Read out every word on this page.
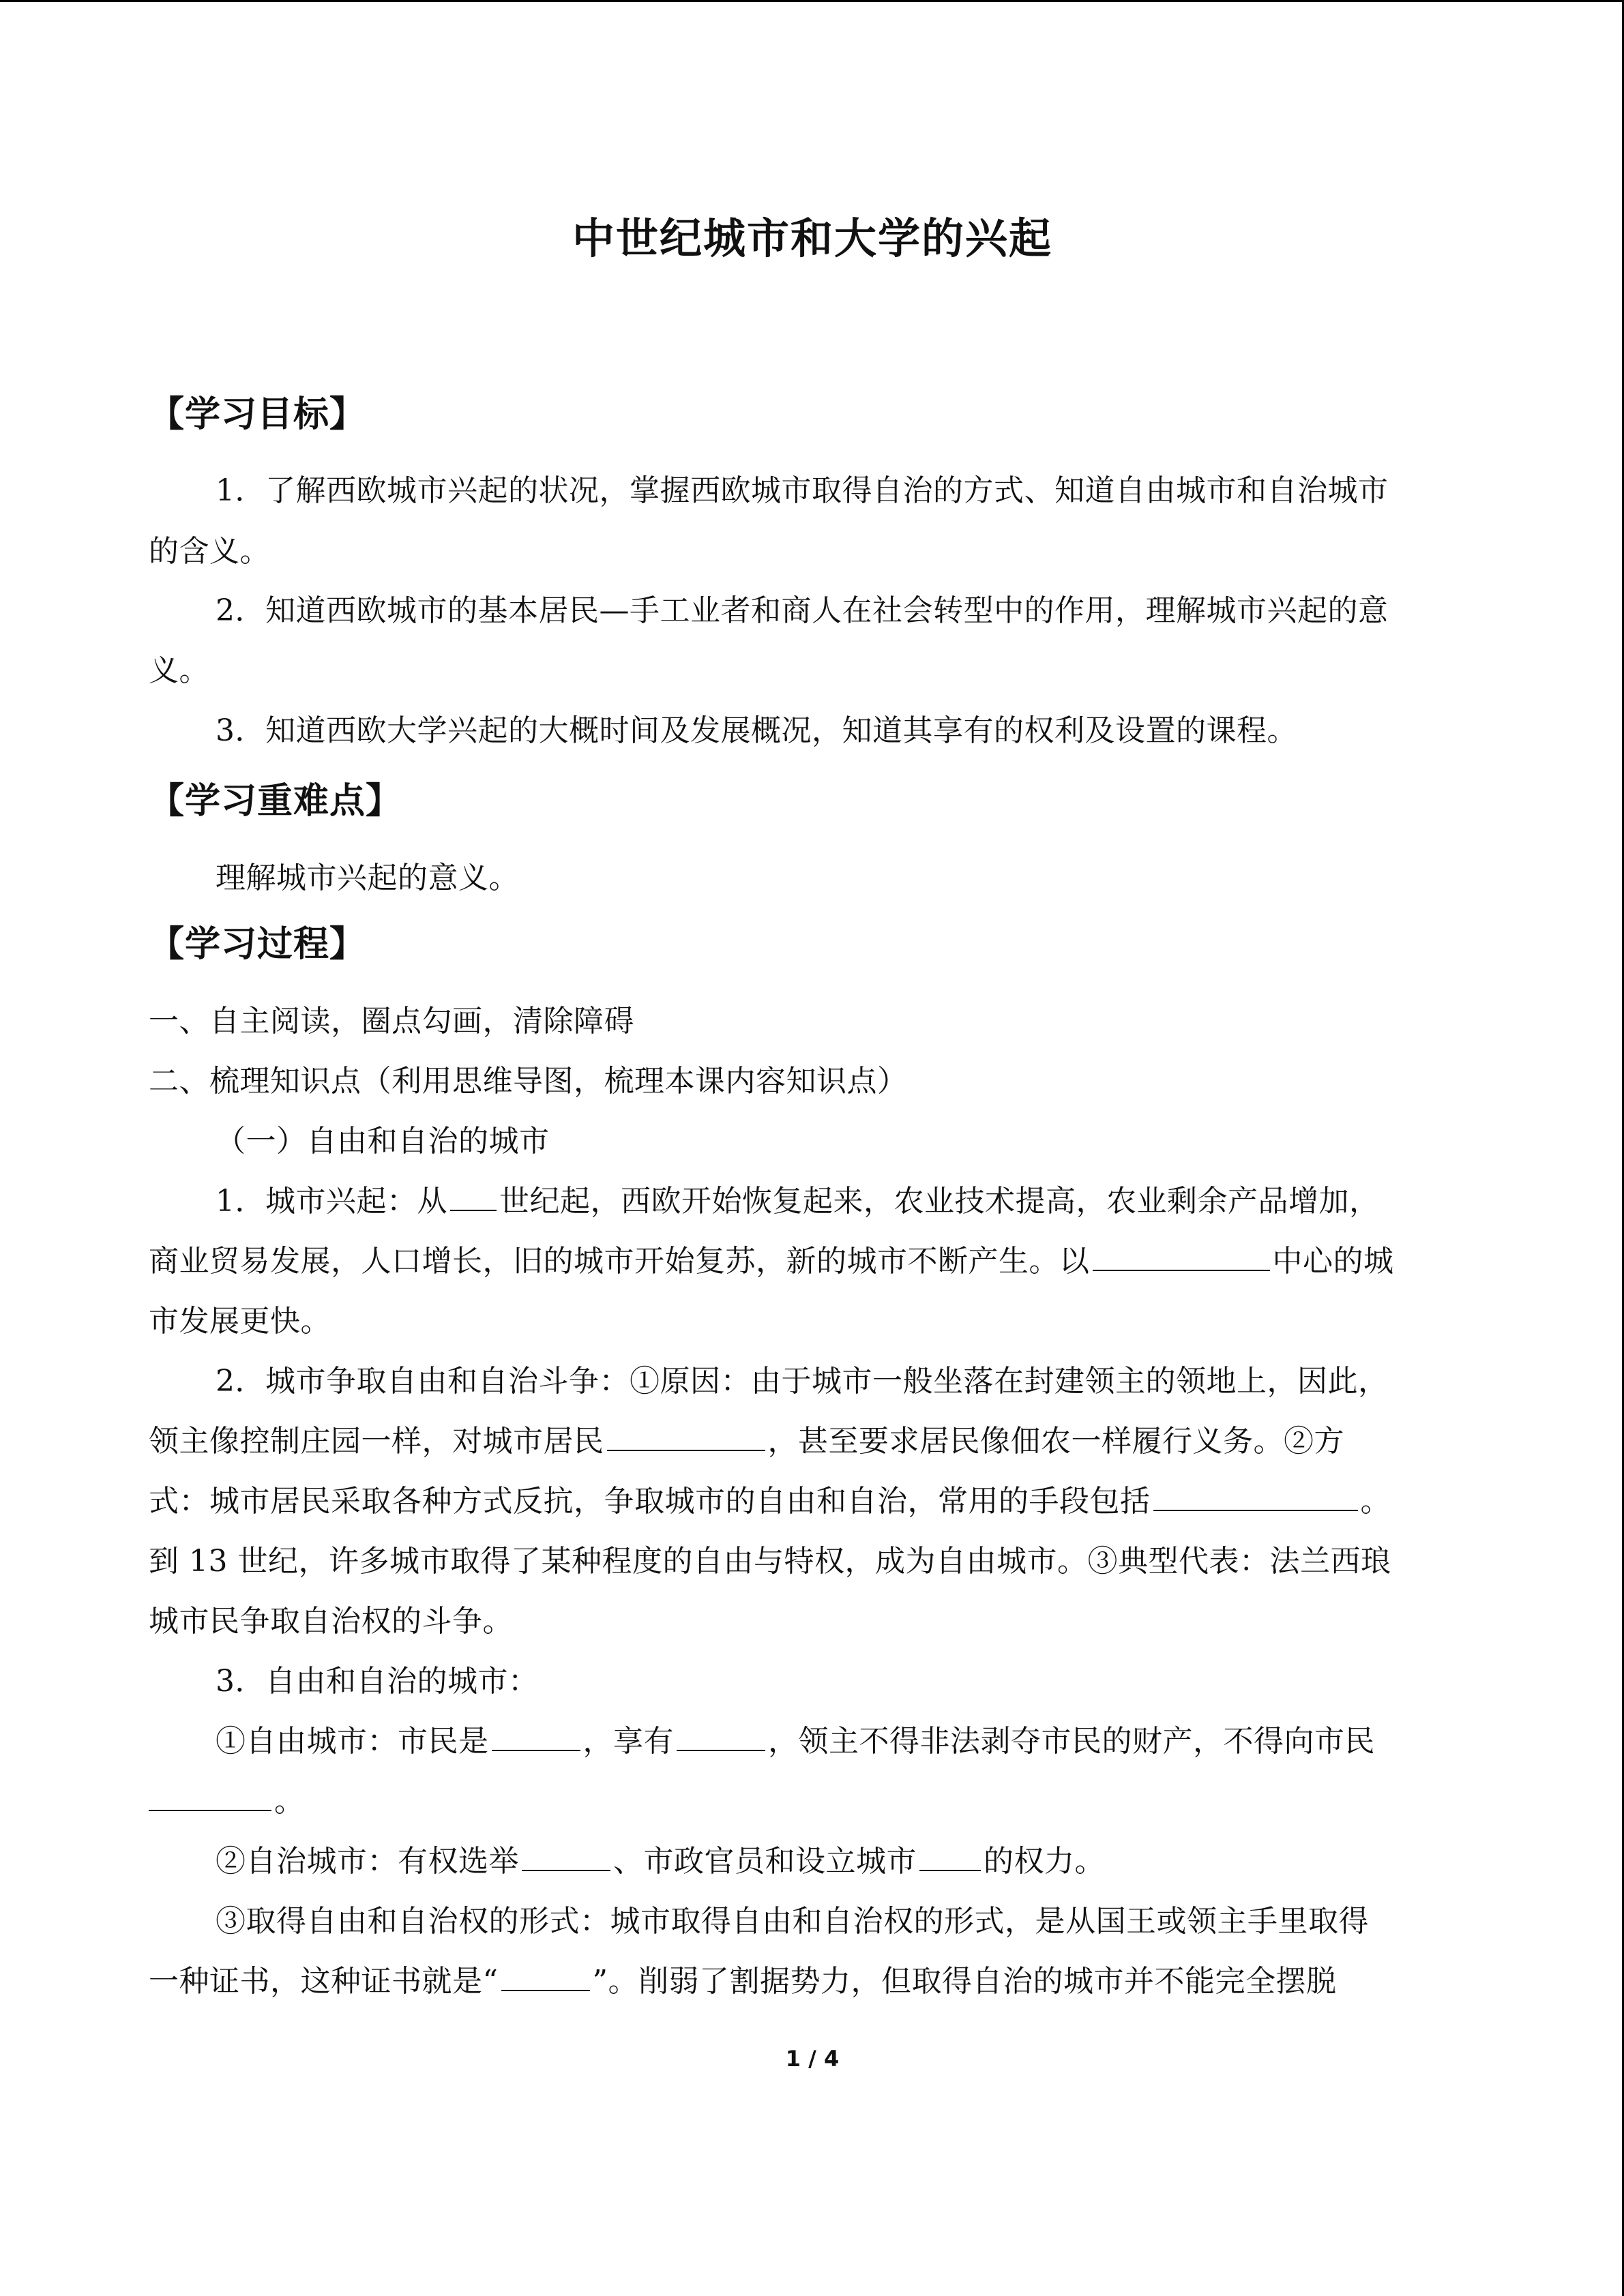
中世纪城市和大学的兴起
【学习目标】
1．了解西欧城市兴起的状况，掌握西欧城市取得自治的方式、知道自由城市和自治城市
的含义。
2．知道西欧城市的基本居民—手工业者和商人在社会转型中的作用，理解城市兴起的意
义。
3．知道西欧大学兴起的大概时间及发展概况，知道其享有的权利及设置的课程。
【学习重难点】
理解城市兴起的意义。
【学习过程】
一、自主阅读，圈点勾画，清除障碍
二、梳理知识点（利用思维导图，梳理本课内容知识点）
（一）自由和自治的城市
1．城市兴起：从 世纪起，西欧开始恢复起来，农业技术提高，农业剩余产品增加，
商业贸易发展，人口增长，旧的城市开始复苏，新的城市不断产生。以	中心的城
市发展更快。
2．城市争取自由和自治斗争：①原因：由于城市一般坐落在封建领主的领地上，因此，
领主像控制庄园一样，对城市居民	，甚至要求居民像佃农一样履行义务。②方
式：城市居民采取各种方式反抗，争取城市的自由和自治，常用的手段包括	。
到 13 世纪，许多城市取得了某种程度的自由与特权，成为自由城市。③典型代表：法兰西琅
城市民争取自治权的斗争。
3．自由和自治的城市：
①自由城市：市民是	，享有	，领主不得非法剥夺市民的财产，不得向市民
。
②自治城市：有权选举	、市政官员和设立城市 的权力。
③取得自由和自治权的形式：城市取得自由和自治权的形式，是从国王或领主手里取得
一种证书，这种证书就是“	”。削弱了割据势力，但取得自治的城市并不能完全摆脱
1 / 4
